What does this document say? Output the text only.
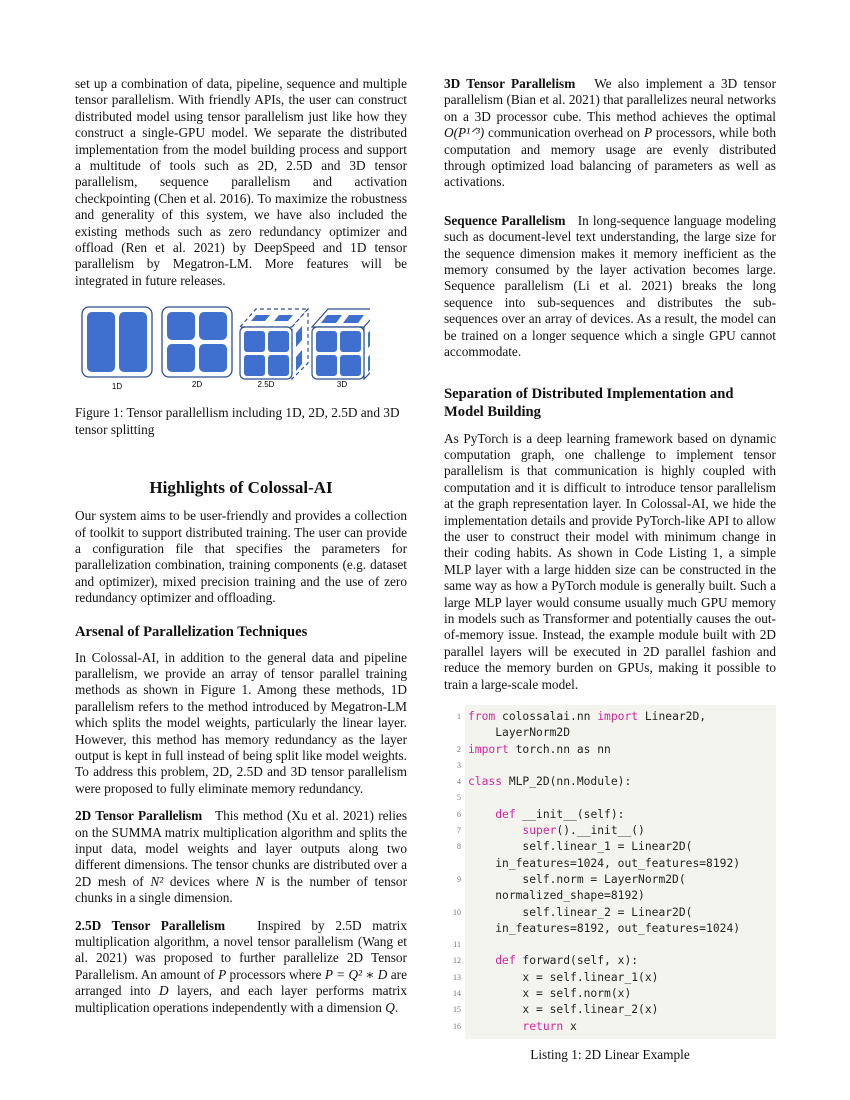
set up a combination of data, pipeline, sequence and multiple tensor parallelism. With friendly APIs, the user can construct distributed model using tensor parallelism just like how they construct a single-GPU model. We separate the distributed implementation from the model building process and support a multitude of tools such as 2D, 2.5D and 3D tensor parallelism, sequence parallelism and activation checkpointing (Chen et al. 2016). To maximize the robustness and generality of this system, we have also included the existing methods such as zero redundancy optimizer and offload (Ren et al. 2021) by DeepSpeed and 1D tensor parallelism by Megatron-LM. More features will be integrated in future releases.

1D	2D	2.5D	3D

Figure 1: Tensor parallellism including 1D, 2D, 2.5D and 3D tensor splitting

Highlights of Colossal-AI

Our system aims to be user-friendly and provides a collection of toolkit to support distributed training. The user can provide a configuration file that specifies the parameters for parallelization combination, training components (e.g. dataset and optimizer), mixed precision training and the use of zero redundancy optimizer and offloading.

Arsenal of Parallelization Techniques

In Colossal-AI, in addition to the general data and pipeline parallelism, we provide an array of tensor parallel training methods as shown in Figure 1. Among these methods, 1D parallelism refers to the method introduced by Megatron-LM which splits the model weights, particularly the linear layer. However, this method has memory redundancy as the layer output is kept in full instead of being split like model weights. To address this problem, 2D, 2.5D and 3D tensor parallelism were proposed to fully eliminate memory redundancy.

2D Tensor Parallelism This method (Xu et al. 2021) relies on the SUMMA matrix multiplication algorithm and splits the input data, model weights and layer outputs along two different dimensions. The tensor chunks are distributed over a 2D mesh of N² devices where N is the number of tensor chunks in a single dimension.

2.5D Tensor Parallelism Inspired by 2.5D matrix multiplication algorithm, a novel tensor parallelism (Wang et al. 2021) was proposed to further parallelize 2D Tensor Parallelism. An amount of P processors where P = Q² ∗ D are arranged into D layers, and each layer performs matrix multiplication operations independently with a dimension Q.

3D Tensor Parallelism We also implement a 3D tensor parallelism (Bian et al. 2021) that parallelizes neural networks on a 3D processor cube. This method achieves the optimal O(P¹ᐟ³) communication overhead on P processors, while both computation and memory usage are evenly distributed through optimized load balancing of parameters as well as activations.

Sequence Parallelism In long-sequence language modeling such as document-level text understanding, the large size for the sequence dimension makes it memory inefficient as the memory consumed by the layer activation becomes large. Sequence parallelism (Li et al. 2021) breaks the long sequence into sub-sequences and distributes the sub-sequences over an array of devices. As a result, the model can be trained on a longer sequence which a single GPU cannot accommodate.

Separation of Distributed Implementation and Model Building

As PyTorch is a deep learning framework based on dynamic computation graph, one challenge to implement tensor parallelism is that communication is highly coupled with computation and it is difficult to introduce tensor parallelism at the graph representation layer. In Colossal-AI, we hide the implementation details and provide PyTorch-like API to allow the user to construct their model with minimum change in their coding habits. As shown in Code Listing 1, a simple MLP layer with a large hidden size can be constructed in the same way as how a PyTorch module is generally built. Such a large MLP layer would consume usually much GPU memory in models such as Transformer and potentially causes the out-of-memory issue. Instead, the example module built with 2D parallel layers will be executed in 2D parallel fashion and reduce the memory burden on GPUs, making it possible to train a large-scale model.

1 from colossalai.nn import Linear2D,
LayerNorm2D
2 import torch.nn as nn
3

4 class MLP_2D(nn.Module):
5

6 def __init__(self):
7 super().__init__()
8	self.linear_1 = Linear2D(
in_features=1024, out_features=8192)
9	self.norm = LayerNorm2D(
normalized_shape=8192)
10	self.linear_2 = Linear2D(
in_features=8192, out_features=1024)
11

12 def forward(self, x):
13 x = self.linear_1(x)
14 x = self.norm(x)
15 x = self.linear_2(x)
16 return x

Listing 1: 2D Linear Example
